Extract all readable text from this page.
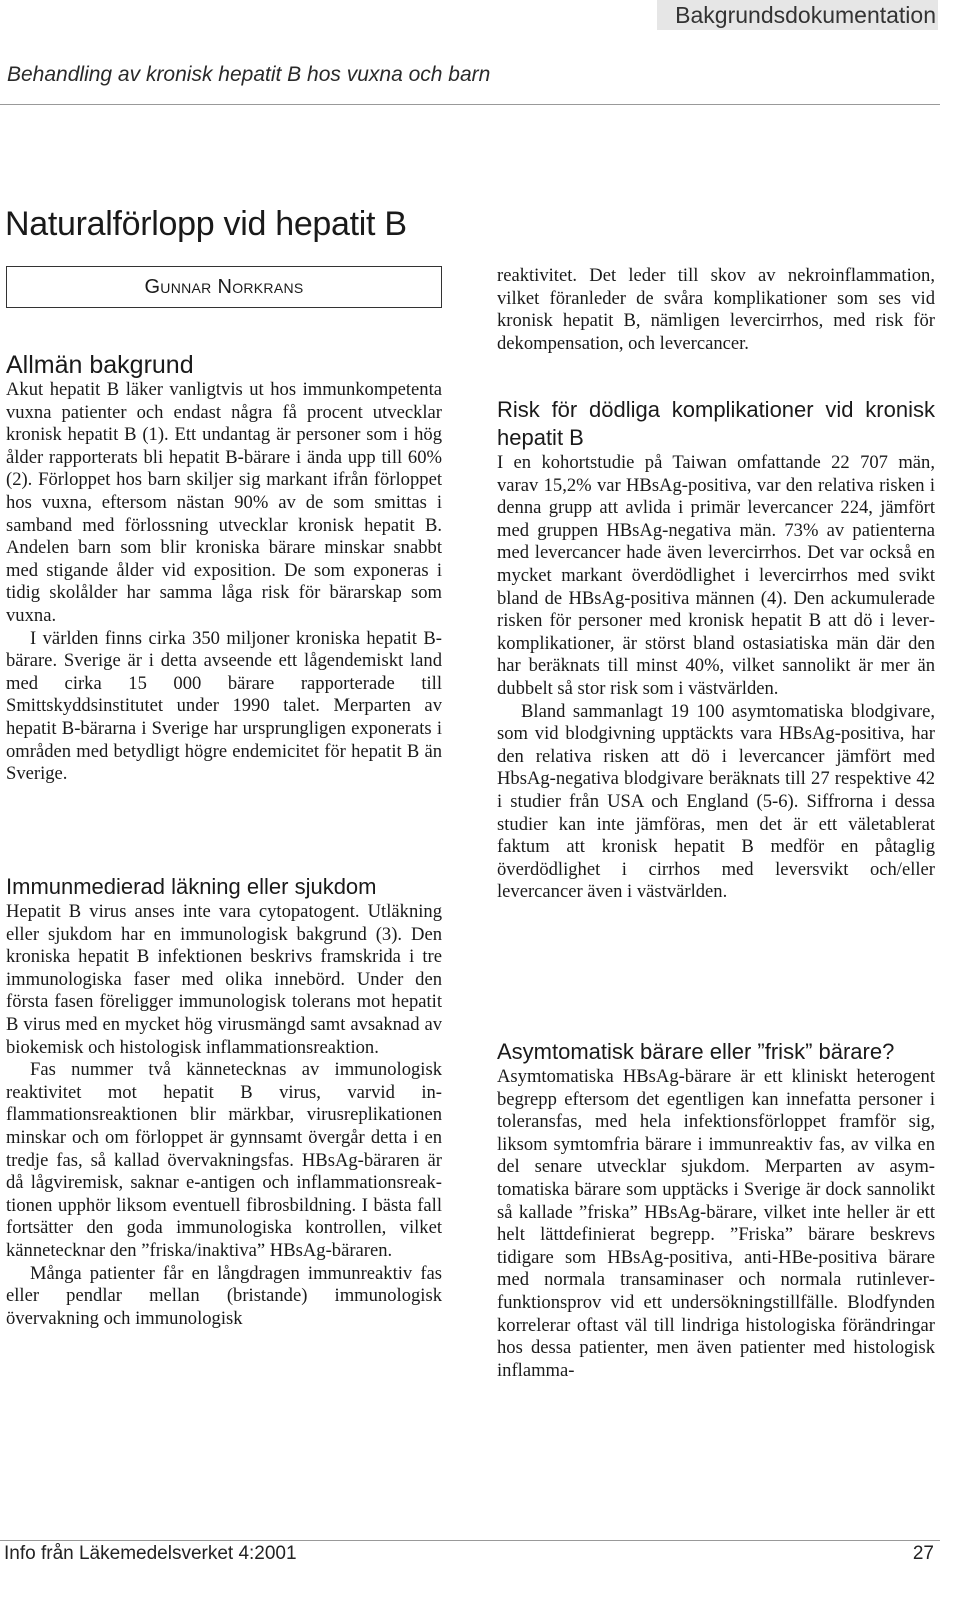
Bakgrundsdokumentation
Behandling av kronisk hepatit B hos vuxna och barn
Naturalförlopp vid hepatit B
Gunnar Norkrans
Allmän bakgrund

Akut hepatit B läker vanligtvis ut hos immunkompetenta vuxna patienter och endast några få procent utvecklar kronisk hepatit B (1). Ett undantag är personer som i hög ålder rapporterats bli hepatit B-bärare i ända upp till 60% (2). Förloppet hos barn skiljer sig markant ifrån förloppet hos vuxna, eftersom nästan 90% av de som smittas i samband med förlossning utvecklar kronisk hepatit B. Andelen barn som blir kroniska bärare minskar snabbt med stigande ålder vid exposition. De som exponeras i tidig skolålder har samma låga risk för bärarskap som vuxna.

I världen finns cirka 350 miljoner kroniska hepatit B-bärare. Sverige är i detta avseende ett lågendemiskt land med cirka 15 000 bärare rapporterade till Smittskyddsinstitutet under 1990 talet. Merparten av hepatit B-bärarna i Sverige har ursprungligen exponerats i områden med betydligt högre endemicitet för hepatit B än Sverige.

Immunmedierad läkning eller sjukdom

Hepatit B virus anses inte vara cytopatogent. Utläkning eller sjukdom har en immunologisk bakgrund (3). Den kroniska hepatit B infektionen beskrivs framskrida i tre immunologiska faser med olika innebörd. Under den första fasen föreligger immunologisk tolerans mot hepatit B virus med en mycket hög virusmängd samt avsaknad av biokemisk och histologisk inflammationsreaktion.

Fas nummer två kännetecknas av immunologisk reaktivitet mot hepatit B virus, varvid inflammationsreaktionen blir märkbar, virusreplikationen minskar och om förloppet är gynnsamt övergår detta i en tredje fas, så kallad övervakningsfas. HBsAg-bäraren är då lågviremisk, saknar e-antigen och inflammationsreaktionen upphör liksom eventuell fibrosbildning. I bästa fall fortsätter den goda immunologiska kontrollen, vilket kännetecknar den ”friska/inaktiva” HBsAg-bäraren.

Många patienter får en långdragen immunreaktiv fas eller pendlar mellan (bristande) immunologisk övervakning och immunologisk

reaktivitet. Det leder till skov av nekroinflammation, vilket föranleder de svåra komplikationer som ses vid kronisk hepatit B, nämligen levercirrhos, med risk för dekompensation, och levercancer.

Risk för dödliga komplikationer vid kronisk hepatit B

I en kohortstudie på Taiwan omfattande 22 707 män, varav 15,2% var HBsAg-positiva, var den relativa risken i denna grupp att avlida i primär levercancer 224, jämfört med gruppen HBsAg-negativa män. 73% av patienterna med levercancer hade även levercirrhos. Det var också en mycket markant överdödlighet i levercirrhos med svikt bland de HBsAg-positiva männen (4). Den ackumulerade risken för personer med kronisk hepatit B att dö i leverkomplikationer, är störst bland ostasiatiska män där den har beräknats till minst 40%, vilket sannolikt är mer än dubbelt så stor risk som i västvärlden.

Bland sammanlagt 19 100 asymtomatiska blodgivare, som vid blodgivning upptäckts vara HBsAg-positiva, har den relativa risken att dö i levercancer jämfört med HbsAg-negativa blodgivare beräknats till 27 respektive 42 i studier från USA och England (5-6). Siffrorna i dessa studier kan inte jämföras, men det är ett väletablerat faktum att kronisk hepatit B medför en påtaglig överdödlighet i cirrhos med leversvikt och/eller levercancer även i västvärlden.

Asymtomatisk bärare eller ”frisk” bärare?

Asymtomatiska HBsAg-bärare är ett kliniskt heterogent begrepp eftersom det egentligen kan innefatta personer i toleransfas, med hela infektionsförloppet framför sig, liksom symtomfria bärare i immunreaktiv fas, av vilka en del senare utvecklar sjukdom. Merparten av asymtomatiska bärare som upptäcks i Sverige är dock sannolikt så kallade ”friska” HBsAg-bärare, vilket inte heller är ett helt lättdefinierat begrepp. ”Friska” bärare beskrevs tidigare som HBsAg-positiva, anti-HBe-positiva bärare med normala transaminaser och normala rutinleverfunktionsprov vid ett undersökningstillfälle. Blodfynden korrelerar oftast väl till lindriga histologiska förändringar hos dessa patienter, men även patienter med histologisk inflamma-

Info från Läkemedelsverket 4:2001	27
